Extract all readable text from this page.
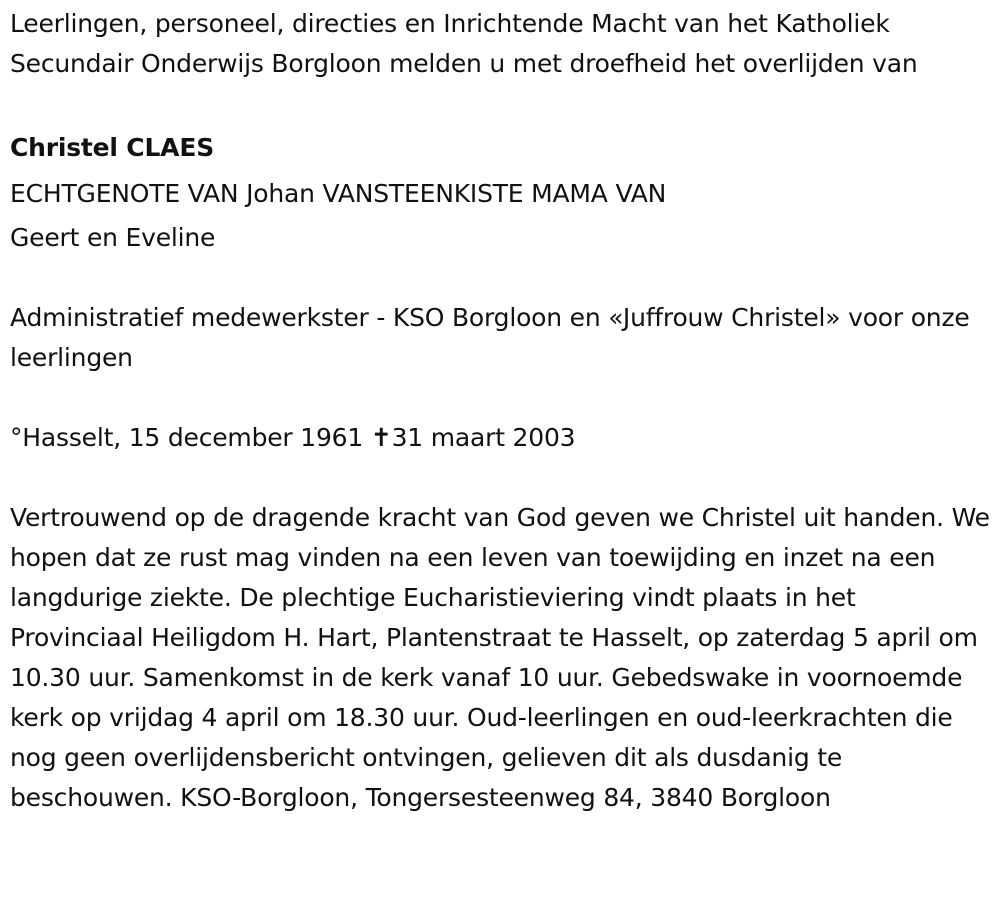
Leerlingen, personeel, directies en Inrichtende Macht van het Katholiek Secundair Onderwijs Borgloon melden u met droefheid het overlijden van

Christel CLAES
ECHTGENOTE VAN Johan VANSTEENKISTE MAMA VAN
Geert en Eveline

Administratief medewerkster - KSO Borgloon en «Juffrouw Christel» voor onze leerlingen

°Hasselt, 15 december 1961 ✝31 maart 2003

Vertrouwend op de dragende kracht van God geven we Christel uit handen. We hopen dat ze rust mag vinden na een leven van toewijding en inzet na een langdurige ziekte. De plechtige Eucharistieviering vindt plaats in het Provinciaal Heiligdom H. Hart, Plantenstraat te Hasselt, op zaterdag 5 april om 10.30 uur. Samenkomst in de kerk vanaf 10 uur. Gebedswake in voornoemde kerk op vrijdag 4 april om 18.30 uur. Oud-leerlingen en oud-leerkrachten die nog geen overlijdensbericht ontvingen, gelieven dit als dusdanig te beschouwen. KSO-Borgloon, Tongersesteenweg 84, 3840 Borgloon
